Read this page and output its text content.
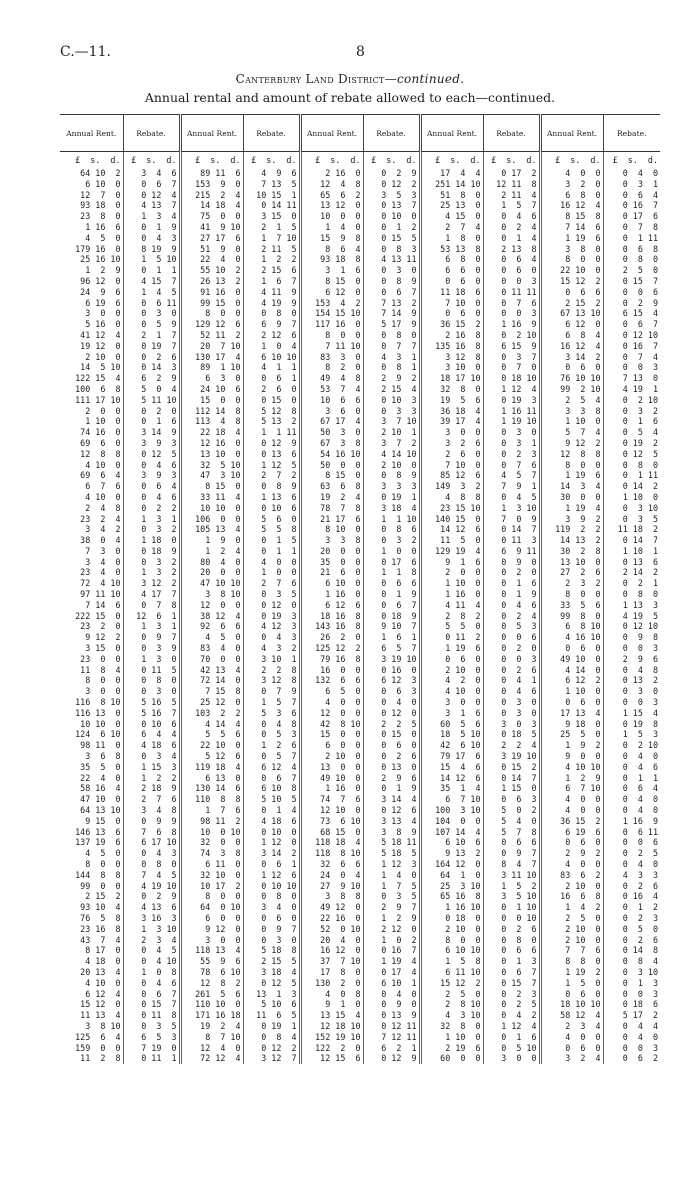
C.—11.	8
Canterbury Land District—continued.
Annual rental and amount of rebate allowed to each—continued.
Annual Rent.	Rebate.	Annual Rent.	Rebate.	Annual Rent.	Rebate.	Annual Rent.	Rebate.	Annual Rent.	Rebate.
£  s.  d.	£  s.  d.	£  s.  d.	£  s.  d.	£  s.  d.	£  s.  d.	£  s.  d.	£  s.  d.	£  s.  d.	£  s.  d.
64 10  2	3  4  6	89 11  6	4  9  6	2 16  0	0  2  9	17  4  4	0 17  2	4  0  0	0  4  0
6 10  0	0  6  7	153  9  0	7 13  5	12  4  8	0 12  2	251 14 10	12 11  8	3  2  0	0  3  1
12  7  0	0 12  4	215  2  4	10 15  1	65  6  2	3  5  3	51  8  0	2 11  4	6  8  0	0  6  4
93 18  0	4 13  7	14 18  4	0 14 11	13 12  0	0 13  7	25 13  0	1  5  7	16 12  4	0 16  7
23  8  0	1  3  4	75  0  0	3 15  0	10  0  0	0 10  0	4 15  0	0  4  6	8 15  8	0 17  6
1 16  6	0  1  9	41  9 10	2  1  5	1  4  0	0  1  2	2  7  4	0  2  4	7 14  6	0  7  8
4  5  0	0  4  3	27 17  6	1  7 10	15  9  8	0 15  5	1  8  0	0  1  4	1 19  6	0  1 11
179 16  0	8 19  9	51  9  0	2 11  5	8  6  4	0  8  3	53 13  8	2 13  8	3  8  0	0  6  8
25 16 10	1  5 10	22  4  0	1  2  2	93 18  8	4 13 11	6  8  0	0  6  4	8  0  0	0  8  0
1  2  9	0  1  1	55 10  2	2 15  6	3  1  6	0  3  0	6  6  0	0  6  0	22 10  0	2  5  0
96 12  0	4 15  7	26 13  2	1  6  7	8 15  0	0  8  9	0  6  0	0  0  3	15 12  2	0 15  7
24  9  6	1  4  5	91 16  0	4 11  9	6 12  0	0  6  7	11 18  6	0 11 11	0  6  6	0  0  6
6 19  6	0  6 11	99 15  0	4 19  9	153  4  2	7 13  2	7 10  0	0  7  6	2 15  2	0  2  9
3  0  0	0  3  0	8  0  0	0  8  0	154 15 10	7 14  9	0  6  0	0  0  3	67 13 10	6 15  4
5 16  0	0  5  9	129 12  6	6  9  7	117 16  0	5 17  9	36 15  2	1 16  9	6 12  0	0  6  7
41 12  4	2  1  7	52 11  2	2 12  6	8  0  0	0  8  0	2 16  8	0  2 10	6  8  4	0 12 10
19 12  0	0 19  7	20  7 10	1  0  4	7 11 10	0  7  7	135 16  8	6 15  9	16 12  4	0 16  7
2 10  0	0  2  6	130 17  4	6 10 10	83  3  0	4  3  1	3 12  8	0  3  7	3 14  2	0  7  4
14  5 10	0 14  3	89  1 10	4  1  1	8  2  0	0  8  1	3 10  0	0  7  0	0  6  0	0  0  3
122 15  4	6  2  9	6  3  0	0  6  1	49  4  8	2  9  2	18 17 10	0 18 10	76 10 10	7 13  0
100  6  8	5  0  4	24 10  6	2  6  0	53  7  4	2 15  4	32  8  0	1 12  4	99  2 10	4 19  1
111 17 10	5 11 10	15  0  0	0 15  0	10  6  6	0 10  3	19  5  6	0 19  3	2  5  4	0  2 10
2  0  0	0  2  0	112 14  8	5 12  8	3  6  0	0  3  3	36 18  4	1 16 11	3  3  8	0  3  2
1 10  0	0  1  6	113  4  8	5 13  2	67 17  4	3  7 10	39 17  4	1 19 10	1 10  0	0  1  6
74 16  0	3 14  9	22 18  4	1  1 11	50  3  0	2 10  1	3  0  0	0  3  0	5  7  4	0  5  4
69  6  0	3  9  3	12 16  0	0 12  9	67  3  8	3  7  2	3  2  6	0  3  1	9 12  2	0 19  2
12  8  8	0 12  5	13 10  0	0 13  6	54 16 10	4 14 10	2  6  0	0  2  3	12  8  8	0 12  5
4 10  0	0  4  6	32  5 10	1 12  5	50  0  0	2 10  0	7 10  0	0  7  6	8  0  0	0  8  0
69  6  4	3  9  3	47  3 10	2  7  2	8 15  0	0  8  9	85 12  6	4  5  7	1 19  6	0  1 11
6  7  6	0  6  4	8 15  0	0  8  9	63  6  8	3  3  3	149  3  2	7  9  1	14  3  4	0 14  2
4 10  0	0  4  6	33 11  4	1 13  6	19  2  4	0 19  1	4  8  8	0  4  5	30  0  0	1 10  0
2  4  8	0  2  2	10 10  0	0 10  6	78  7  8	3 18  4	23 15 10	1  3 10	1 19  4	0  3 10
23  2  4	1  3  1	106  0  0	5  6  0	21 17  6	1  1 10	140 15  0	7  0  9	3  9  2	0  3  5
3  4  2	0  3  2	105 13  4	5  5  8	8 10  0	0  8  6	14 12  6	0 14  7	119  2  2	11 18  2
38  0  4	1 18  0	1  9  0	0  1  5	3  3  8	0  3  2	11  5  0	0 11  3	14 13  2	0 14  7
7  3  0	0 18  9	1  2  4	0  1  1	20  0  0	1  0  0	129 19  4	6  9 11	30  2  8	1 10  1
3  4  0	0  3  2	80  4  0	4  0  0	35  0  0	0 17  6	9  1  6	0  9  0	13 10  0	0 13  6
23  4  0	1  3  2	20  0  0	1  0  0	21  6  0	1  1  8	2  0  0	0  2  0	27  2  6	2 14  2
72  4 10	3 12  2	47 10 10	2  7  6	6 10  0	0  6  6	1 10  0	0  1  6	2  3  2	0  2  1
97 11 10	4 17  7	3  8 10	0  3  5	1 16  0	0  1  9	1 16  0	0  1  9	8  0  0	0  8  0
7 14  6	0  7  8	12  0  0	0 12  0	6 12  6	0  6  7	4 11  4	0  4  6	33  5  6	1 13  3
222 15  0	12  6  1	38 12  4	0 19  3	18 16  8	0 18  9	2  8  2	0  2  4	99  8  0	4 19  5
23  2  0	1  3  1	92  6  6	4 12  3	143 16  8	9 10  7	5  5  0	0  5  3	6  8 10	0 12 10
9 12  2	0  9  7	4  5  0	0  4  3	26  2  0	1  6  1	0 11  2	0  0  6	4 16 10	0  9  8
3 15  0	0  3  9	83  4  0	4  3  2	125 12  2	6  5  7	1 19  6	0  2  0	0  6  0	0  0  3
23  0  0	1  3  0	70  0  0	3 10  1	79 16  8	3 19 10	0  6  0	0  0  3	49 10  0	2  9  6
11  8  4	0 11  5	42 13  4	2  2  8	16  0  0	0 16  0	2 10  0	0  2  6	4 14  0	0  4  8
8  0  0	0  8  0	72 14  0	3 12  8	132  6  6	6 12  3	4  2  0	0  4  1	6 12  2	0 13  2
3  0  0	0  3  0	7 15  8	0  7  9	6  5  0	0  6  3	4 10  0	0  4  6	1 10  0	0  3  0
116  8 10	5 16  5	25 12  0	1  5  7	4  0  0	0  4  0	3  0  0	0  3  0	0  6  0	0  0  3
116 13  0	5 16  7	103  2  2	5  3  6	12  0  0	0 12  0	3  1  6	0  3  0	17 13  4	1 15  4
10 10  0	0 10  6	4 14  4	0  4  8	42  8 10	2  2  5	60  5  6	3  0  3	9 18  0	0 19  8
124  6 10	6  4  4	5  5  6	0  5  3	15  0  0	0 15  0	18  5 10	0 18  5	25  5  0	1  5  3
98 11  0	4 18  6	22 10  0	1  2  6	6  0  0	0  6  0	42  6 10	2  2  4	1  9  2	0  2 10
3  6  8	0  3  4	5 12  6	0  5  7	2 10  0	0  2  6	79 17  6	3 19 10	9  0  0	0  4  0
35  5  0	1 15  3	119 18  4	6 12  4	13  0  0	0 13  0	15  4  6	0 15  2	4 10 10	0  4  6
22  4  0	1  2  2	6 13  0	0  6  7	49 10  0	2  9  6	14 12  6	0 14  7	1  2  9	0  1  1
58 16  4	2 18  9	130 14  6	6 10  8	1 16  0	0  1  9	35  1  4	1 15  0	6  7 10	0  6  4
47 10  0	2  7  6	110  8  8	5 10  5	74  7  6	3 14  4	6  7 10	0  6  3	4  0  0	0  4  0
64 13 10	3  4  8	1  7  6	0  1  4	12 10  0	0 12  6	100  3 10	5  0  2	4  0  0	0  4  0
9 15  0	0  9  9	98 11  2	4 18  6	73  6 10	3 13  4	104  0  0	5  4  0	36 15  2	1 16  9
146 13  6	7  6  8	10  0 10	0 10  0	68 15  0	3  8  9	107 14  4	5  7  8	6 19  6	0  6 11
137 19  6	6 17 10	32  0  0	1 12  0	118 18  4	5 18 11	6 10  6	0  6  6	0  6  0	0  0  6
4  5  0	0  4  3	74  3  8	3 14  2	118  8 10	5 18  5	9 13  2	0  9  7	2  9  2	0  2  5
8  0  0	0  8  0	6 11  0	0  6  1	32  6  6	1 12  3	164 12  0	8  4  7	4  0  0	0  4  0
144  8  8	7  4  5	32 10  0	1 12  6	24  0  4	1  4  0	64  1  0	3 11 10	83  6  2	4  3  3
99  0  0	4 19 10	10 17  2	0 10 10	27  9 10	1  7  5	25  3 10	1  5  2	2 10  0	0  2  6
2 15  2	0  2  9	8  0  0	0  8  0	3  8  8	0  3  5	65 16  8	3  5 10	16  6  8	0 16  4
93 10  4	4 13  6	64  0 10	3  4  0	49 12  0	2  9  7	1 16 10	0  1 10	1  4  2	0  1  2
76  5  8	3 16  3	6  0  0	0  6  0	22 16  0	1  2  9	0 18  0	0  0 10	2  5  0	0  2  3
23 16  8	1  3 10	9 12  0	0  9  7	52  0 10	2 12  0	2 10  0	0  2  6	2 10  0	0  5  0
43  7  4	2  3  4	3  0  0	0  3  0	20  4  0	1  0  2	8  0  0	0  8  0	2 10  0	0  2  6
8 17  0	0  4  5	118 13  4	5 18  8	16 12  0	0 16  7	6 10 10	0  6  6	7  7  6	0 14  8
4 18  0	0  4 10	55  9  6	2 15  5	37  7 10	1 19  4	1  5  8	0  1  3	8  8  0	0  8  4
20 13  4	1  0  8	78  6 10	3 18  4	17  8  0	0 17  4	6 11 10	0  6  7	1 19  2	0  3 10
4 10  0	0  4  6	12  8  2	0 12  5	130  2  0	6 10  1	15 12  2	0 15  7	1  5  0	0  1  3
6 12  4	0  6  7	261  5  6	13  1  3	4  0  8	0  4  0	2  5  0	0  2  3	0  6  0	0  0  3
15 12  0	0 15  7	110 10  0	5 10  6	9  1  0	0  9  0	2  8 10	0  2  5	18 10 10	0 18  6
11 13  4	0 11  8	171 16 18	11  6  5	13 15  4	0 13  9	4  3 10	0  4  2	58 12  4	5 17  2
3  8 10	0  3  5	19  2  4	0 19  1	12 18 10	0 12 11	32  8  0	1 12  4	2  3  4	0  4  4
125  6  4	6  5  3	8  7 10	0  8  4	152 19 10	7 12 11	1 10  0	0  1  6	4  0  0	0  4  0
159  0  0	7 19  0	12  4  0	0 12  2	122  2  0	6  2  1	2 19  6	0  5 10	0  6  0	0  0  3
11  2  8	0 11  1	72 12  4	3 12  7	12 15  6	0 12  9	60  0  0	3  0  0	3  2  4	0  6  2
